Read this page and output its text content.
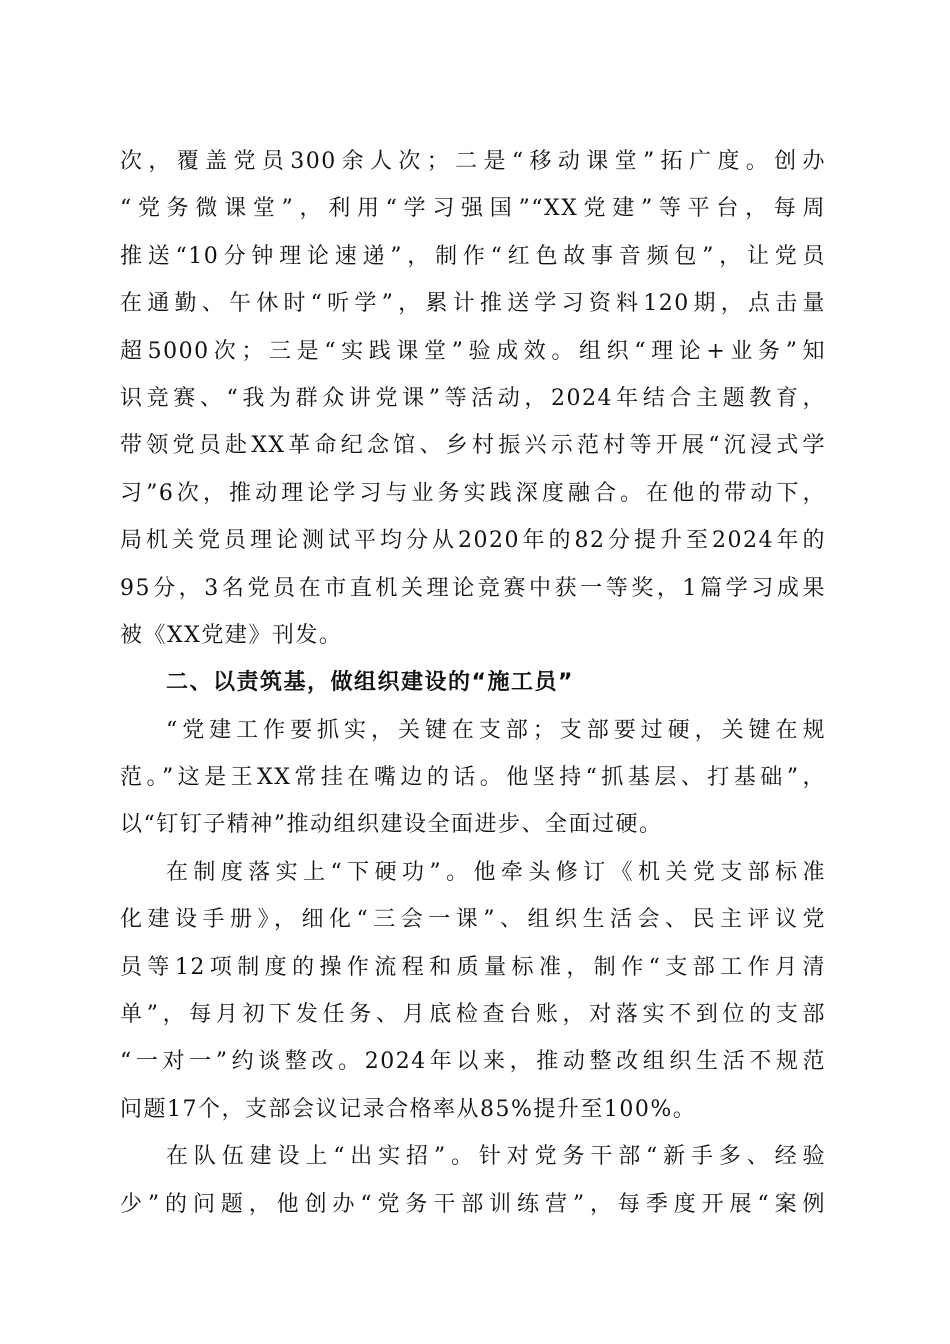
次，覆盖党员300余人次；二是“移动课堂”拓广度。创办
“党务微课堂”，利用“学习强国”“XX党建”等平台，每周
推送“10分钟理论速递”，制作“红色故事音频包”，让党员
在通勤、午休时“听学”，累计推送学习资料120期，点击量
超5000次；三是“实践课堂”验成效。组织“理论+业务”知
识竞赛、“我为群众讲党课”等活动，2024年结合主题教育，
带领党员赴XX革命纪念馆、乡村振兴示范村等开展“沉浸式学
习”6次，推动理论学习与业务实践深度融合。在他的带动下，
局机关党员理论测试平均分从2020年的82分提升至2024年的
95分，3名党员在市直机关理论竞赛中获一等奖，1篇学习成果
被《XX党建》刊发。
二、以责筑基，做组织建设的“施工员”
“党建工作要抓实，关键在支部；支部要过硬，关键在规
范。”这是王XX常挂在嘴边的话。他坚持“抓基层、打基础”，
以“钉钉子精神”推动组织建设全面进步、全面过硬。
在制度落实上“下硬功”。他牵头修订《机关党支部标准
化建设手册》，细化“三会一课”、组织生活会、民主评议党
员等12项制度的操作流程和质量标准，制作“支部工作月清
单”，每月初下发任务、月底检查台账，对落实不到位的支部
“一对一”约谈整改。2024年以来，推动整改组织生活不规范
问题17个，支部会议记录合格率从85%提升至100%。
在队伍建设上“出实招”。针对党务干部“新手多、经验
少”的问题，他创办“党务干部训练营”，每季度开展“案例
